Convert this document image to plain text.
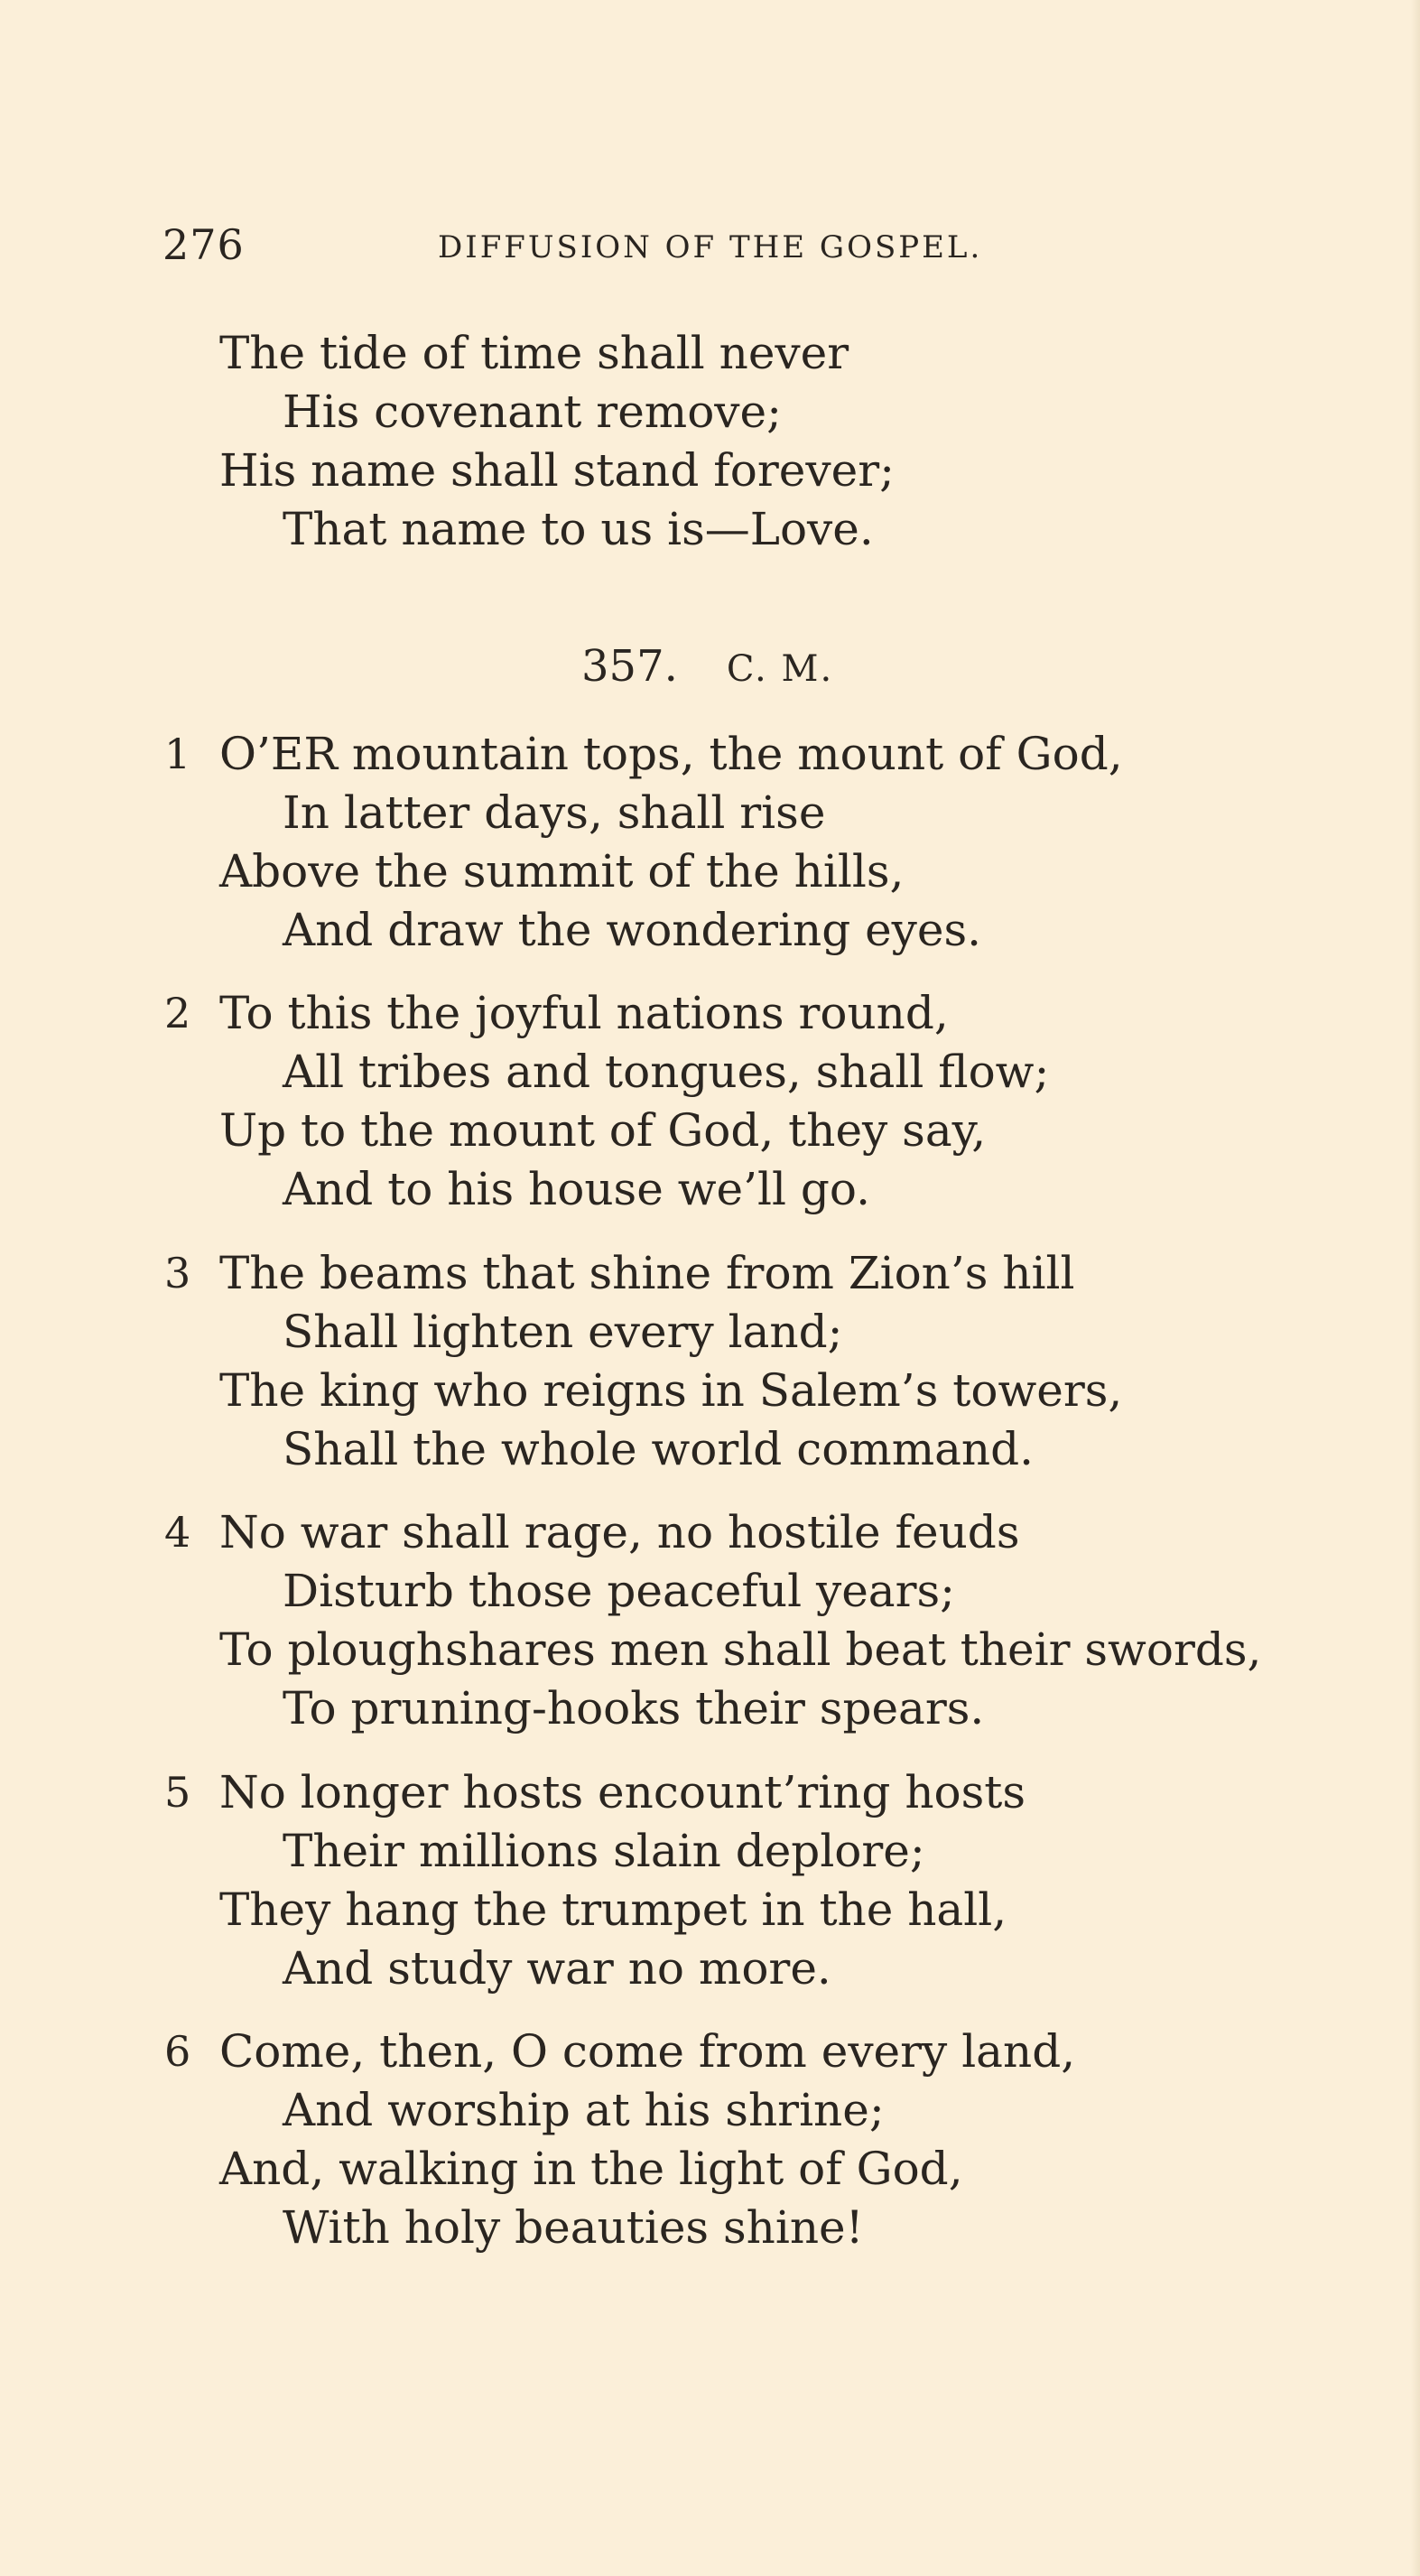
276	DIFFUSION OF THE GOSPEL.
The tide of time shall never
His covenant remove;
His name shall stand forever;
That name to us is—Love.
357. C. M.
1 O’ER mountain tops, the mount of God,
In latter days, shall rise
Above the summit of the hills,
And draw the wondering eyes.
2 To this the joyful nations round,
All tribes and tongues, shall flow;
Up to the mount of God, they say,
And to his house we’ll go.
3 The beams that shine from Zion’s hill
Shall lighten every land;
The king who reigns in Salem’s towers,
Shall the whole world command.
4 No war shall rage, no hostile feuds
Disturb those peaceful years;
To ploughshares men shall beat their swords,
To pruning-hooks their spears.
5 No longer hosts encount’ring hosts
Their millions slain deplore;
They hang the trumpet in the hall,
And study war no more.
6 Come, then, O come from every land,
And worship at his shrine;
And, walking in the light of God,
With holy beauties shine!
